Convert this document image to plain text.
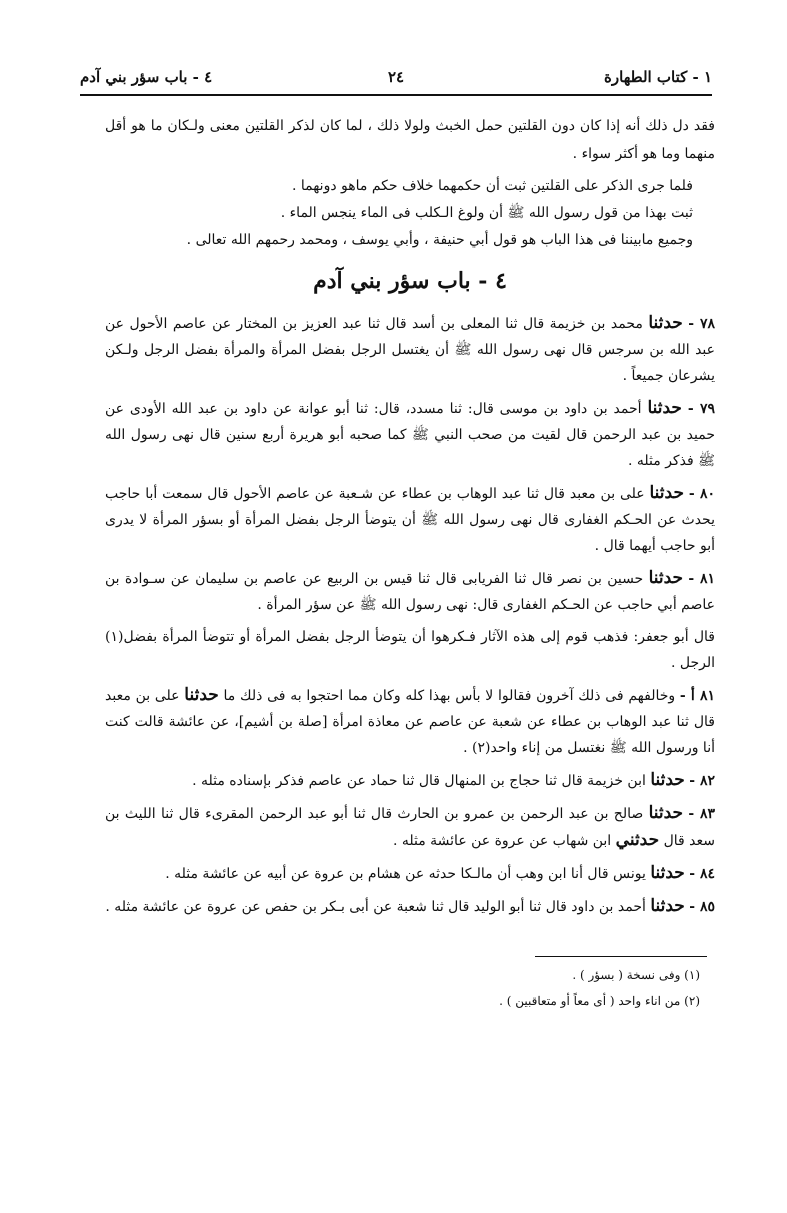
١ - كتاب الطهارة
٢٤
٤ - باب سؤر بني آدم

فقد دل ذلك أنه إذا كان دون القلتين حمل الخبث ولولا ذلك ، لما كان لذكر القلتين معنى ولـكان ما هو أقل منهما وما هو أكثر سواء .

فلما جرى الذكر على القلتين ثبت أن حكمهما خلاف حكم ماهو دونهما .

ثبت بهذا من قول رسول الله ﷺ أن ولوغ الـكلب فى الماء ينجس الماء .

وجميع مابيننا فى هذا الباب هو قول أبي حنيفة ، وأبي يوسف ، ومحمد رحمهم الله تعالى .

٤ - باب سؤر بني آدم

٧٨ - حدثنا محمد بن خزيمة قال ثنا المعلى بن أسد قال ثنا عبد العزيز بن المختار عن عاصم الأحول عن عبد الله بن سرجس قال نهى رسول الله ﷺ أن يغتسل الرجل بفضل المرأة والمرأة بفضل الرجل ولـكن يشرعان جميعاً .

٧٩ - حدثنا أحمد بن داود بن موسى قال: ثنا مسدد، قال: ثنا أبو عوانة عن داود بن عبد الله الأودى عن حميد بن عبد الرحمن قال لقيت من صحب النبي ﷺ كما صحبه أبو هريرة أربع سنين قال نهى رسول الله ﷺ فذكر مثله .

٨٠ - حدثنا على بن معبد قال ثنا عبد الوهاب بن عطاء عن شـعبة عن عاصم الأحول قال سمعت أبا حاجب يحدث عن الحـكم الغفارى قال نهى رسول الله ﷺ أن يتوضأ الرجل بفضل المرأة أو بسؤر المرأة لا يدرى أبو حاجب أيهما قال .

٨١ - حدثنا حسين بن نصر قال ثنا الفريابى قال ثنا قيس بن الربيع عن عاصم بن سليمان عن سـوادة بن عاصم أبي حاجب عن الحـكم الغفارى قال: نهى رسول الله ﷺ عن سؤر المرأة .

قال أبو جعفر: فذهب قوم إلى هذه الآثار فـكرهوا أن يتوضأ الرجل بفضل المرأة أو تتوضأ المرأة بفضل(١) الرجل .

٨١ أ - وخالفهم فى ذلك آخرون فقالوا لا بأس بهذا كله وكان مما احتجوا به فى ذلك ما حدثنا على بن معبد قال ثنا عبد الوهاب بن عطاء عن شعبة عن عاصم عن معاذة امرأة [صلة بن أشيم]، عن عائشة قالت كنت أنا ورسول الله ﷺ نغتسل من إناء واحد(٢) .

٨٢ - حدثنا ابن خزيمة قال ثنا حجاج بن المنهال قال ثنا حماد عن عاصم فذكر بإسناده مثله .

٨٣ - حدثنا صالح بن عبد الرحمن بن عمرو بن الحارث قال ثنا أبو عبد الرحمن المقرىء قال ثنا الليث بن سعد قال حدثني ابن شهاب عن عروة عن عائشة مثله .

٨٤ - حدثنا يونس قال أنا ابن وهب أن مالـكا حدثه عن هشام بن عروة عن أبيه عن عائشة مثله .

٨٥ - حدثنا أحمد بن داود قال ثنا أبو الوليد قال ثنا شعبة عن أبى بـكر بن حفص عن عروة عن عائشة مثله .

(١) وفى نسخة ( بسؤر ) .
(٢) من اناء واحد ( أى معاً أو متعاقبين ) .
